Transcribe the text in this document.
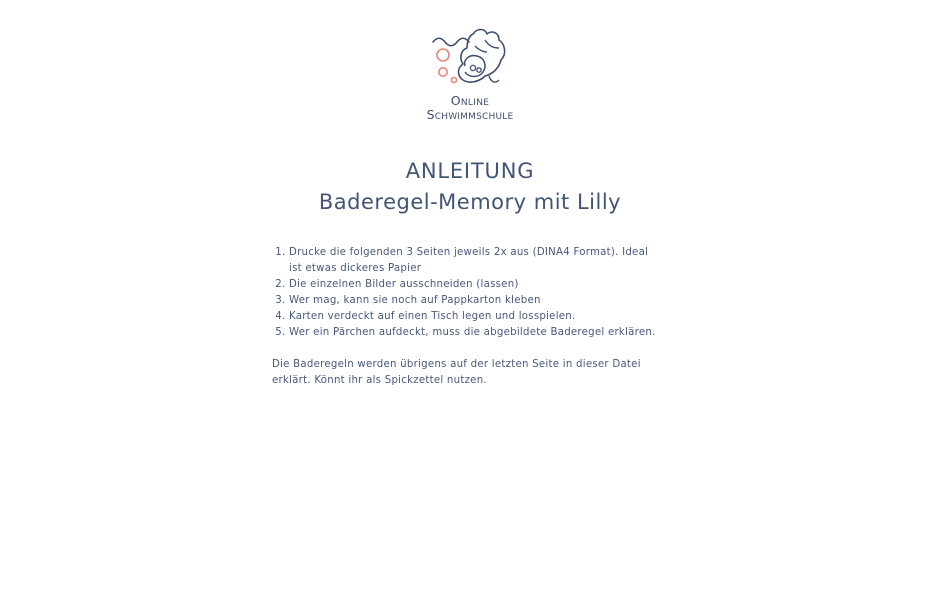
Online
Schwimmschule
ANLEITUNG
Baderegel-Memory mit Lilly
1. Drucke die folgenden 3 Seiten jeweils 2x aus (DINA4 Format). Ideal ist etwas dickeres Papier
2. Die einzelnen Bilder ausschneiden (lassen)
3. Wer mag, kann sie noch auf Pappkarton kleben
4. Karten verdeckt auf einen Tisch legen und losspielen.
5. Wer ein Pärchen aufdeckt, muss die abgebildete Baderegel erklären.

Die Baderegeln werden übrigens auf der letzten Seite in dieser Datei erklärt. Könnt ihr als Spickzettel nutzen.
